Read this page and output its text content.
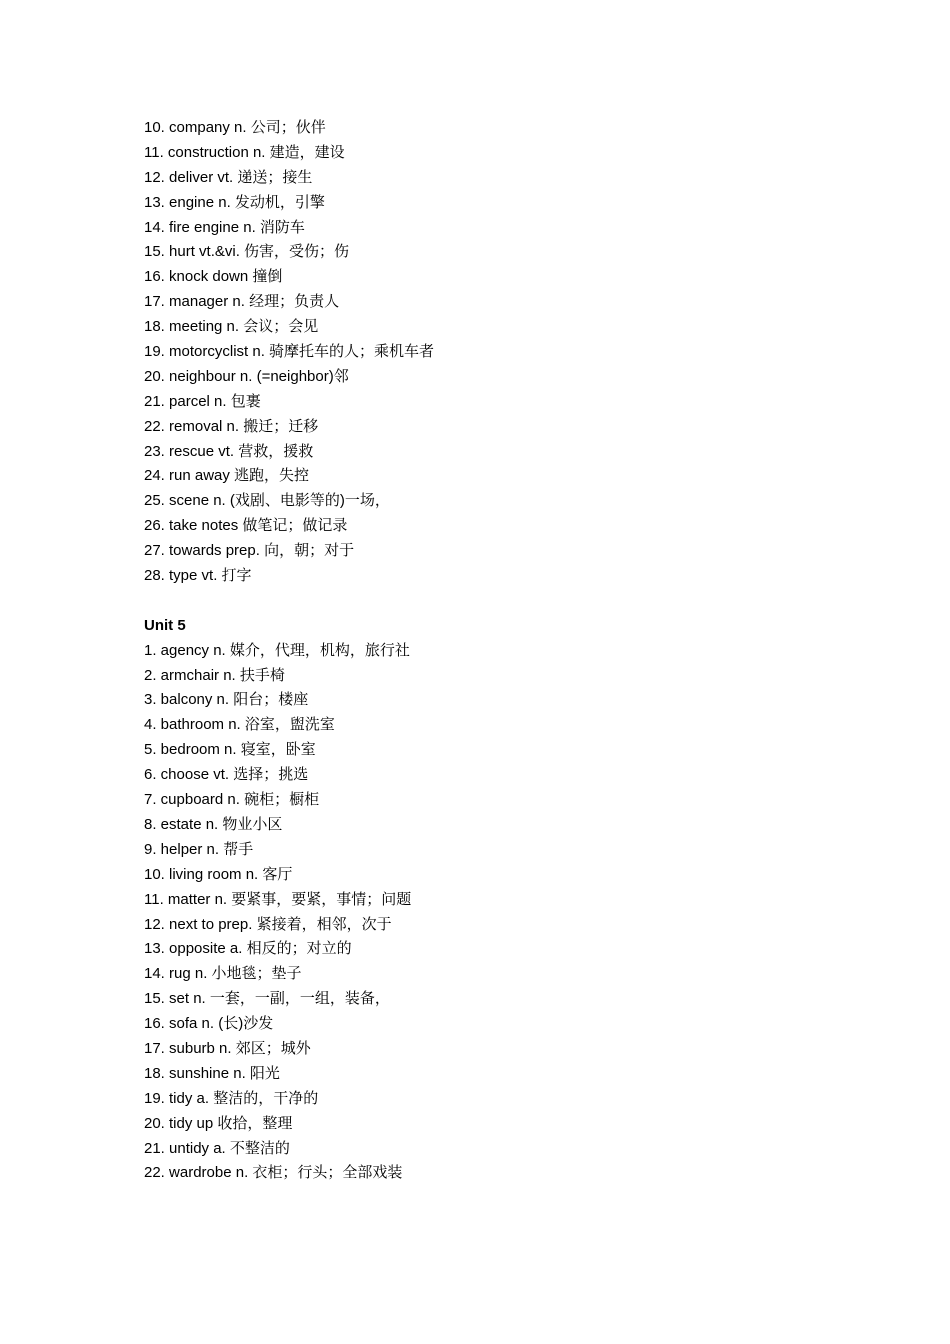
10. company n. 公司；伙伴
11. construction n. 建造，建设
12. deliver vt. 递送；接生
13. engine n. 发动机，引擎
14. fire engine n. 消防车
15. hurt vt.&vi. 伤害，受伤；伤
16. knock down 撞倒
17. manager n. 经理；负责人
18. meeting n. 会议；会见
19. motorcyclist n. 骑摩托车的人；乘机车者
20. neighbour n. (=neighbor)邻
21. parcel n. 包裹
22. removal n. 搬迁；迁移
23. rescue vt. 营救，援救
24. run away 逃跑，失控
25. scene n. (戏剧、电影等的)一场，
26. take notes 做笔记；做记录
27. towards prep. 向，朝；对于
28. type vt. 打字
Unit 5
1. agency n. 媒介，代理，机构，旅行社
2. armchair n. 扶手椅
3. balcony n. 阳台；楼座
4. bathroom n. 浴室，盥洗室
5. bedroom n. 寝室，卧室
6. choose vt. 选择；挑选
7. cupboard n. 碗柜；橱柜
8. estate n. 物业小区
9. helper n. 帮手
10. living room n. 客厅
11. matter n. 要紧事，要紧，事情；问题
12. next to prep. 紧接着，相邻，次于
13. opposite a. 相反的；对立的
14. rug n. 小地毯；垫子
15. set n. 一套，一副，一组，装备，
16. sofa n. (长)沙发
17. suburb n. 郊区；城外
18. sunshine n. 阳光
19. tidy a. 整洁的，干净的
20. tidy up 收拾，整理
21. untidy a. 不整洁的
22. wardrobe n. 衣柜；行头；全部戏装
